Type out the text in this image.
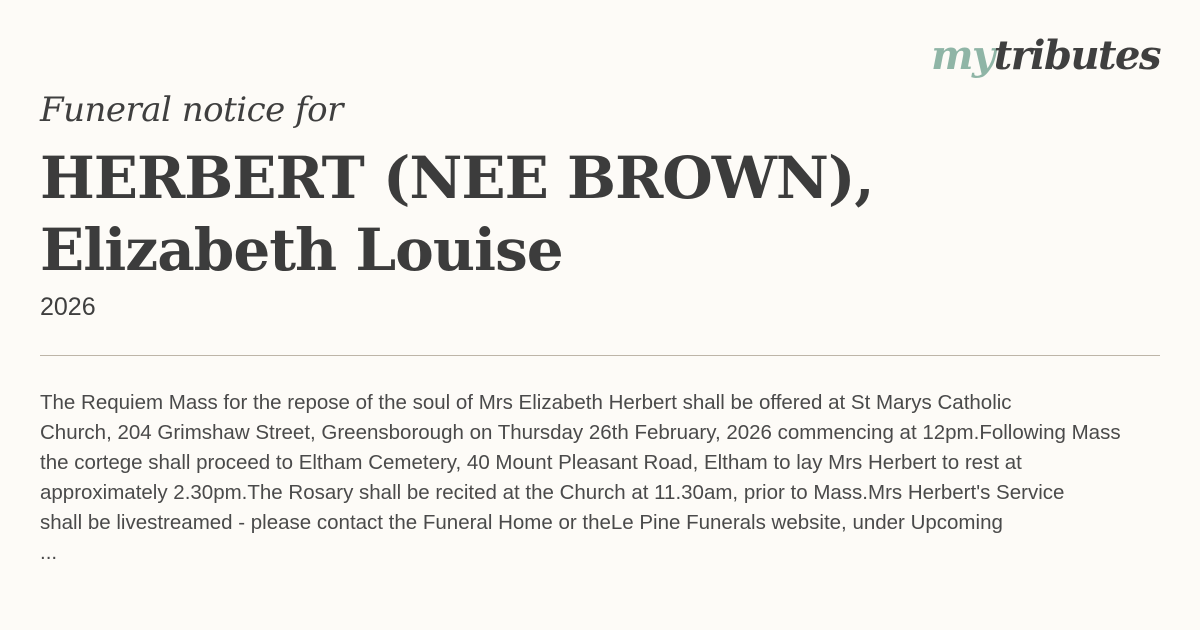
mytributes
Funeral notice for
HERBERT (NEE BROWN),
Elizabeth Louise
2026
The Requiem Mass for the repose of the soul of Mrs Elizabeth Herbert shall be offered at St Marys Catholic
Church, 204 Grimshaw Street, Greensborough on Thursday 26th February, 2026 commencing at 12pm.Following Mass
the cortege shall proceed to Eltham Cemetery, 40 Mount Pleasant Road, Eltham to lay Mrs Herbert to rest at
approximately 2.30pm.The Rosary shall be recited at the Church at 11.30am, prior to Mass.Mrs Herbert's Service
shall be livestreamed - please contact the Funeral Home or theLe Pine Funerals website, under Upcoming
...
